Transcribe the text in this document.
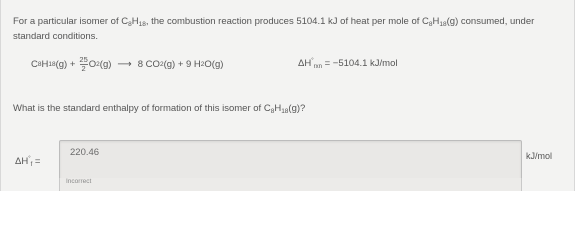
For a particular isomer of $C_8H_{18}$, the combustion reaction produces 5104.1 kJ of heat per mole of $C_8H_{18}(g)$ consumed, under
standard conditions.
C 8 H 18 $(g) + \frac{25}{2}$ O 2 (g) ⟶ 8 CO 2 (g) + 9 H 2 O(g)	$\Delta H^\circ_{rxn} = -5104.1$ kJ/mol
What is the standard enthalpy of formation of this isomer of $C_8H_{18}(g)$?
$\Delta H^\circ_f$ =
220.46
Incorrect
kJ/mol
